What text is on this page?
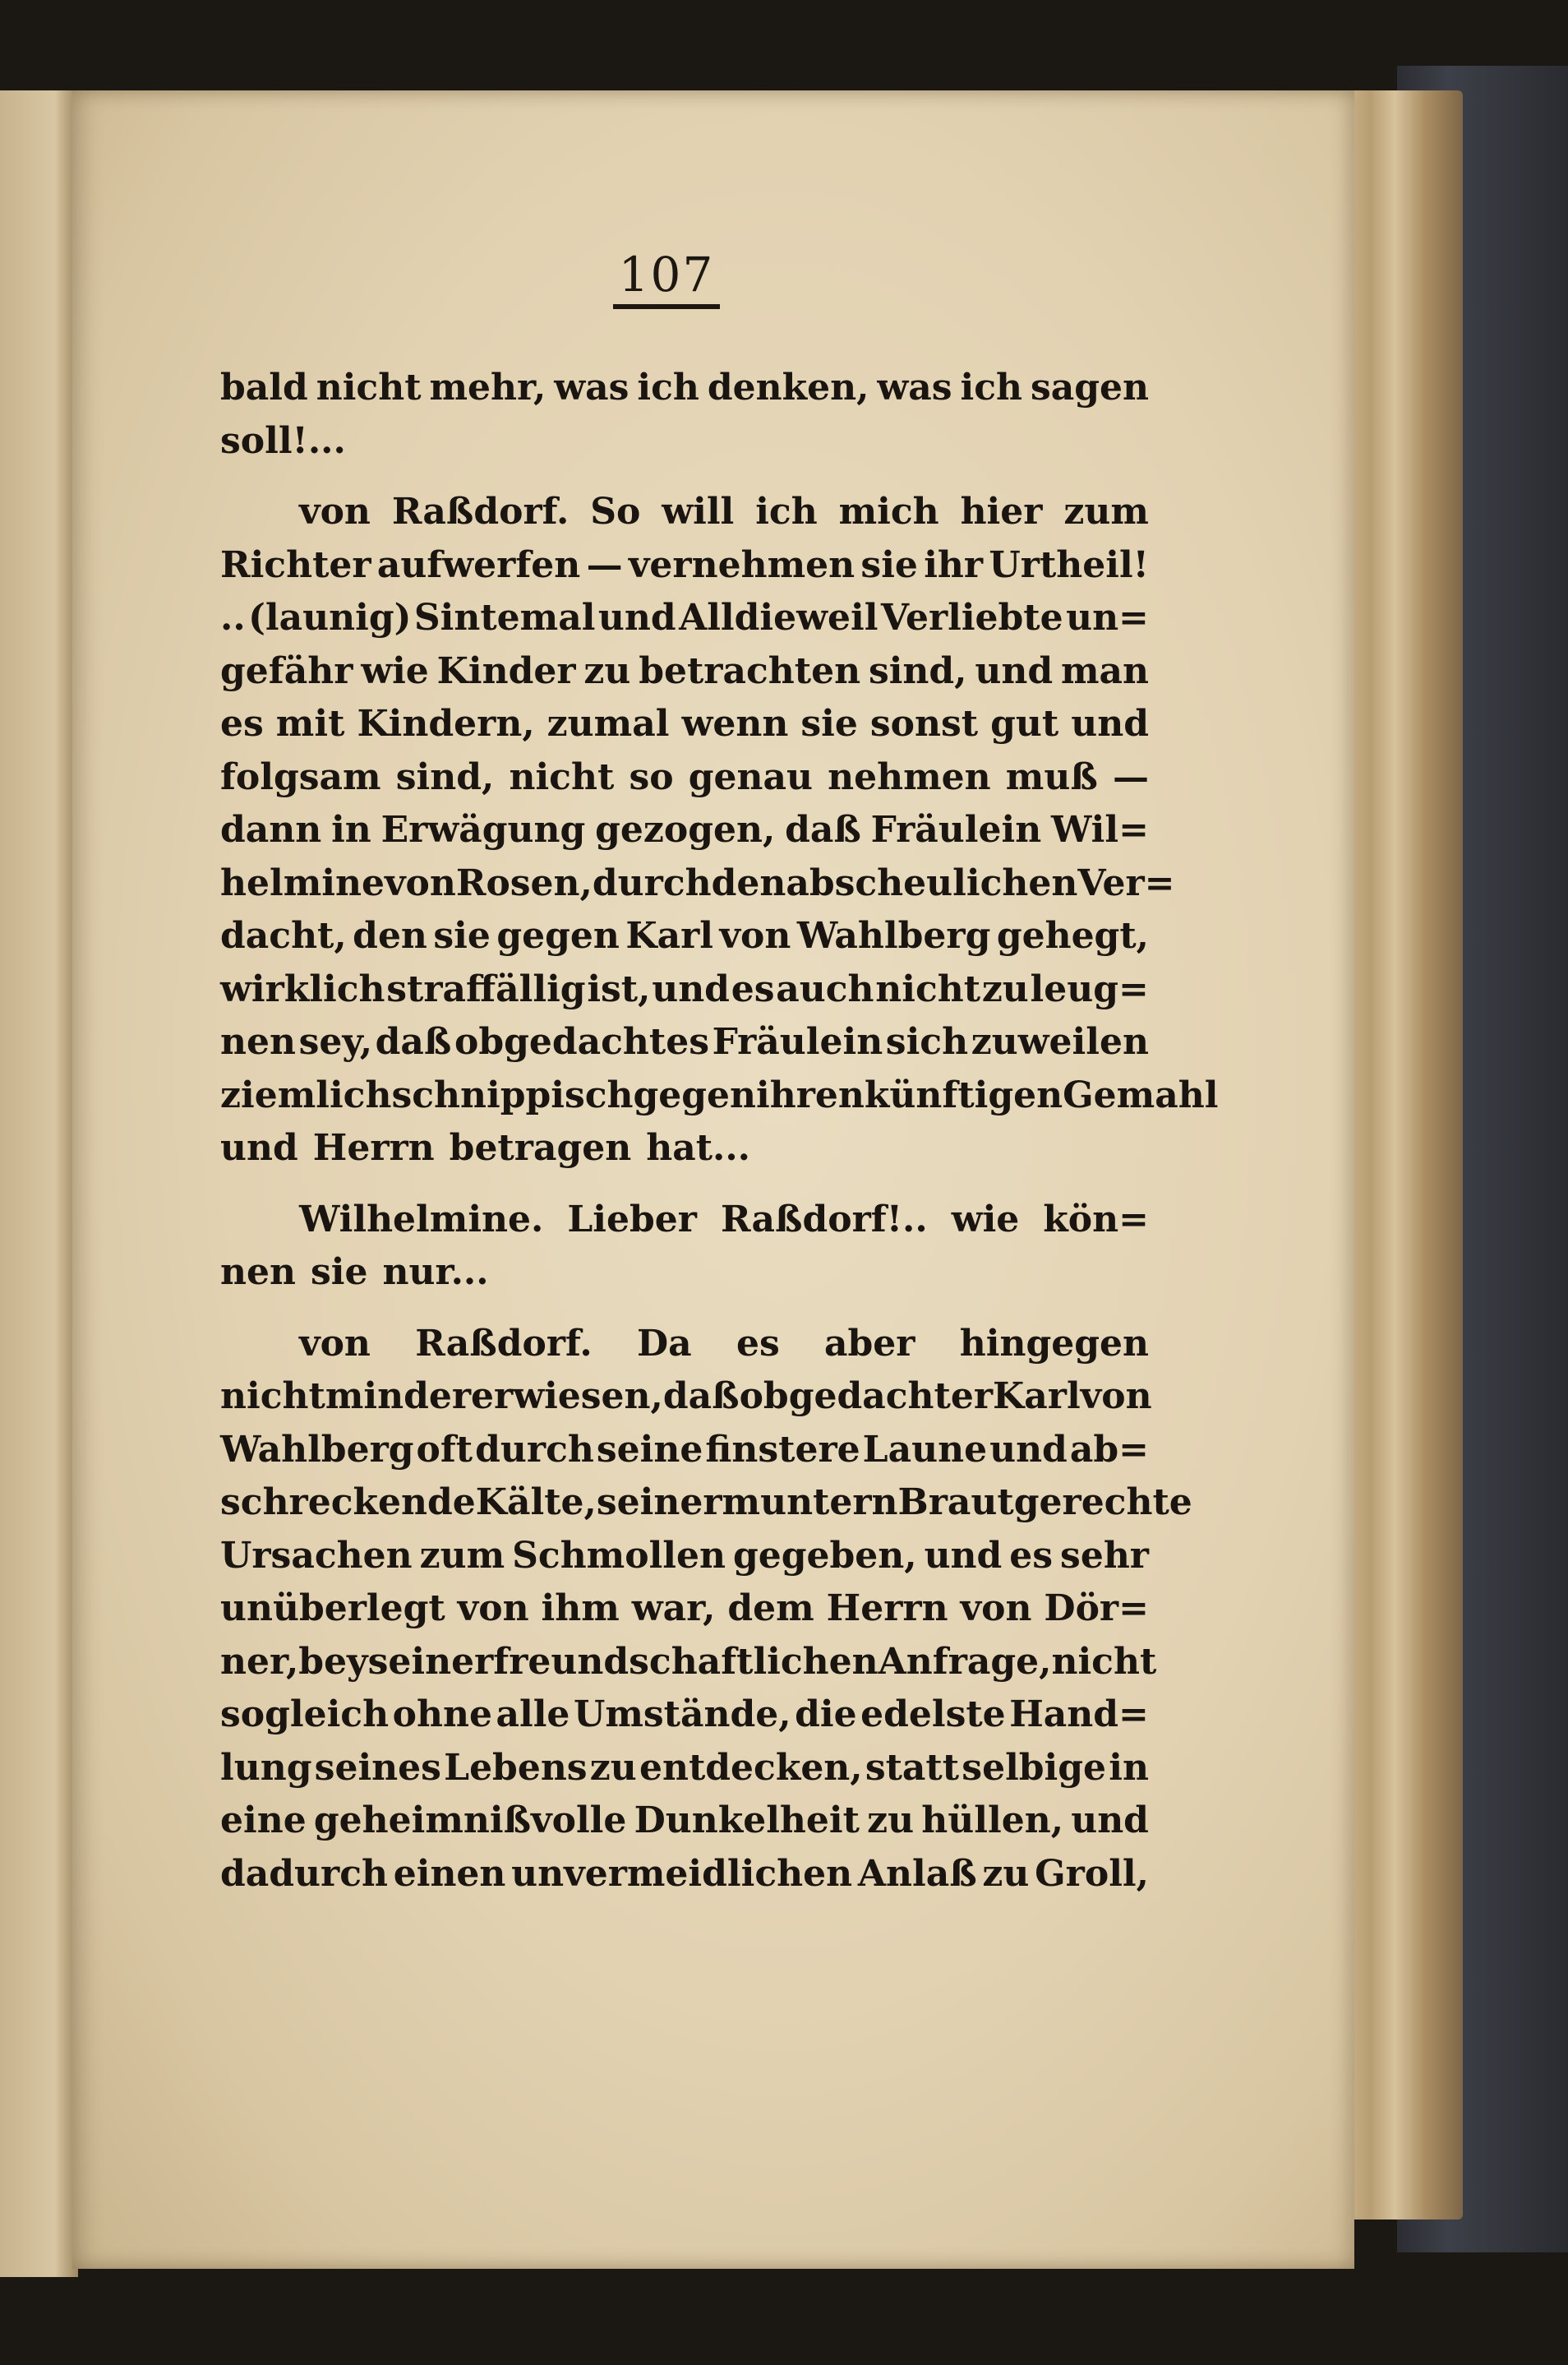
107
bald nicht mehr, was ich denken, was ich sagen
soll!...
von Raßdorf. So will ich mich hier zum
Richter aufwerfen — vernehmen sie ihr Urtheil!
.. (launig) Sintemal und Alldieweil Verliebte un=
gefähr wie Kinder zu betrachten sind, und man
es mit Kindern, zumal wenn sie sonst gut und
folgsam sind, nicht so genau nehmen muß —
dann in Erwägung gezogen, daß Fräulein Wil=
helmine von Rosen, durch den abscheulichen Ver=
dacht, den sie gegen Karl von Wahlberg gehegt,
wirklich straffällig ist, und es auch nicht zu leug=
nen sey, daß obgedachtes Fräulein sich zuweilen
ziemlich schnippisch gegen ihren künftigen Gemahl
und Herrn betragen hat...
Wilhelmine. Lieber Raßdorf!.. wie kön=
nen sie nur...
von Raßdorf. Da es aber hingegen
nicht minder erwiesen, daß obgedachter Karl von
Wahlberg oft durch seine finstere Laune und ab=
schreckende Kälte, seiner muntern Braut gerechte
Ursachen zum Schmollen gegeben, und es sehr
unüberlegt von ihm war, dem Herrn von Dör=
ner, bey seiner freundschaftlichen Anfrage, nicht
sogleich ohne alle Umstände, die edelste Hand=
lung seines Lebens zu entdecken, statt selbige in
eine geheimnißvolle Dunkelheit zu hüllen, und
dadurch einen unvermeidlichen Anlaß zu Groll,
